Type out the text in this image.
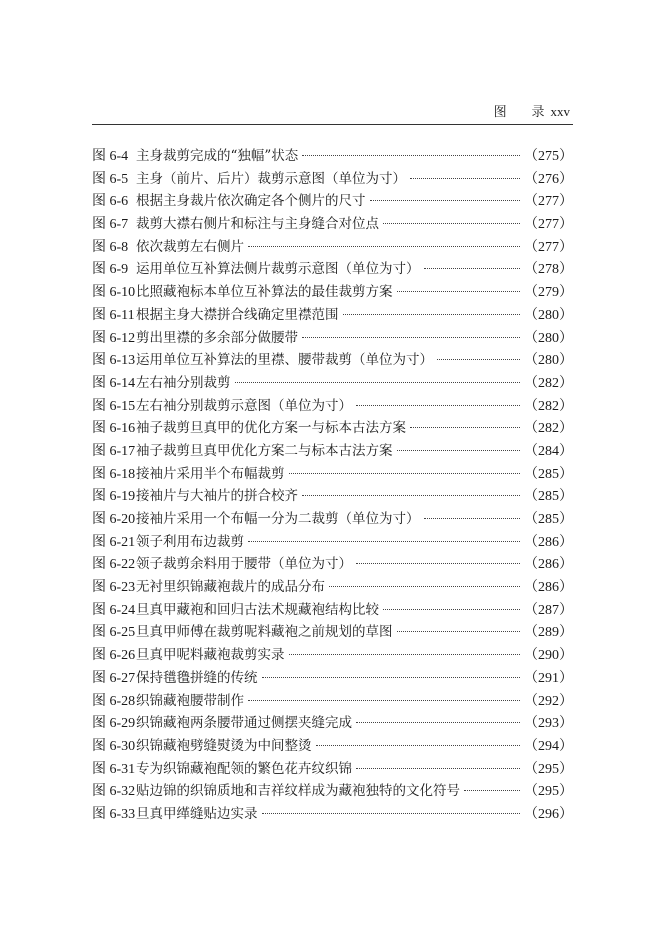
图 录 xxv
图 6-4 主身裁剪完成的“独幅”状态	（275）
图 6-5 主身（前片、后片）裁剪示意图（单位为寸）	（276）
图 6-6 根据主身裁片依次确定各个侧片的尺寸	（277）
图 6-7 裁剪大襟右侧片和标注与主身缝合对位点	（277）
图 6-8 依次裁剪左右侧片	（277）
图 6-9 运用单位互补算法侧片裁剪示意图（单位为寸）	（278）
图 6-10 比照藏袍标本单位互补算法的最佳裁剪方案	（279）
图 6-11 根据主身大襟拼合线确定里襟范围	（280）
图 6-12 剪出里襟的多余部分做腰带	（280）
图 6-13 运用单位互补算法的里襟、腰带裁剪（单位为寸）	（280）
图 6-14 左右袖分别裁剪	（282）
图 6-15 左右袖分别裁剪示意图（单位为寸）	（282）
图 6-16 袖子裁剪旦真甲的优化方案一与标本古法方案	（282）
图 6-17 袖子裁剪旦真甲优化方案二与标本古法方案	（284）
图 6-18 接袖片采用半个布幅裁剪	（285）
图 6-19 接袖片与大袖片的拼合校齐	（285）
图 6-20 接袖片采用一个布幅一分为二裁剪（单位为寸）	（285）
图 6-21 领子利用布边裁剪	（286）
图 6-22 领子裁剪余料用于腰带（单位为寸）	（286）
图 6-23 无衬里织锦藏袍裁片的成品分布	（286）
图 6-24 旦真甲藏袍和回归古法术规藏袍结构比较	（287）
图 6-25 旦真甲师傅在裁剪呢料藏袍之前规划的草图	（289）
图 6-26 旦真甲呢料藏袍裁剪实录	（290）
图 6-27 保持氆氇拼缝的传统	（291）
图 6-28 织锦藏袍腰带制作	（292）
图 6-29 织锦藏袍两条腰带通过侧摆夹缝完成	（293）
图 6-30 织锦藏袍劈缝熨烫为中间整烫	（294）
图 6-31 专为织锦藏袍配领的繁色花卉纹织锦	（295）
图 6-32 贴边锦的织锦质地和吉祥纹样成为藏袍独特的文化符号	（295）
图 6-33 旦真甲缂缝贴边实录	（296）
